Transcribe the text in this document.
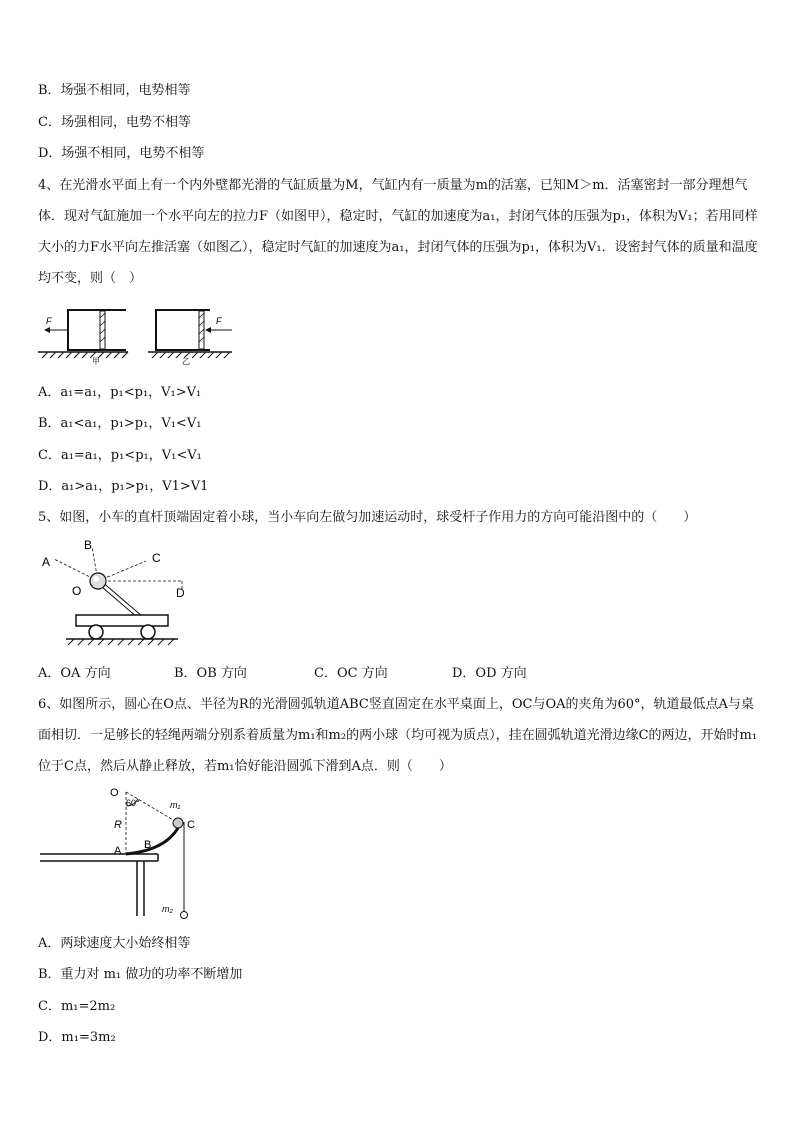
B．场强不相同，电势相等
C．场强相同，电势不相等
D．场强不相同，电势不相等
4、在光滑水平面上有一个内外壁都光滑的气缸质量为M，气缸内有一质量为m的活塞，已知M＞m．活塞密封一部分理想气体．现对气缸施加一个水平向左的拉力F（如图甲），稳定时，气缸的加速度为a₁，封闭气体的压强为p₁，体积为V₁；若用同样大小的力F水平向左推活塞（如图乙），稳定时气缸的加速度为a₁，封闭气体的压强为p₁，体积为V₁．设密封气体的质量和温度均不变，则（　）
F
甲
F
乙
A．a₁=a₁，p₁<p₁，V₁>V₁
B．a₁<a₁，p₁>p₁，V₁<V₁
C．a₁=a₁，p₁<p₁，V₁<V₁
D．a₁>a₁，p₁>p₁，V1>V1
5、如图，小车的直杆顶端固定着小球，当小车向左做匀加速运动时，球受杆子作用力的方向可能沿图中的（　　）
A
B
C
D
O
A．OA 方向	B．OB 方向	C．OC 方向	D．OD 方向
6、如图所示，圆心在O点、半径为R的光滑圆弧轨道ABC竖直固定在水平桌面上，OC与OA的夹角为60°，轨道最低点A与桌面相切．一足够长的轻绳两端分别系着质量为m₁和m₂的两小球（均可视为质点），挂在圆弧轨道光滑边缘C的两边，开始时m₁位于C点，然后从静止释放，若m₁恰好能沿圆弧下滑到A点．则（　　）
O
60°	m₁
C
R
B
A
m₂
A．两球速度大小始终相等
B．重力对 m₁ 做功的功率不断增加
C．m₁=2m₂
D．m₁=3m₂
